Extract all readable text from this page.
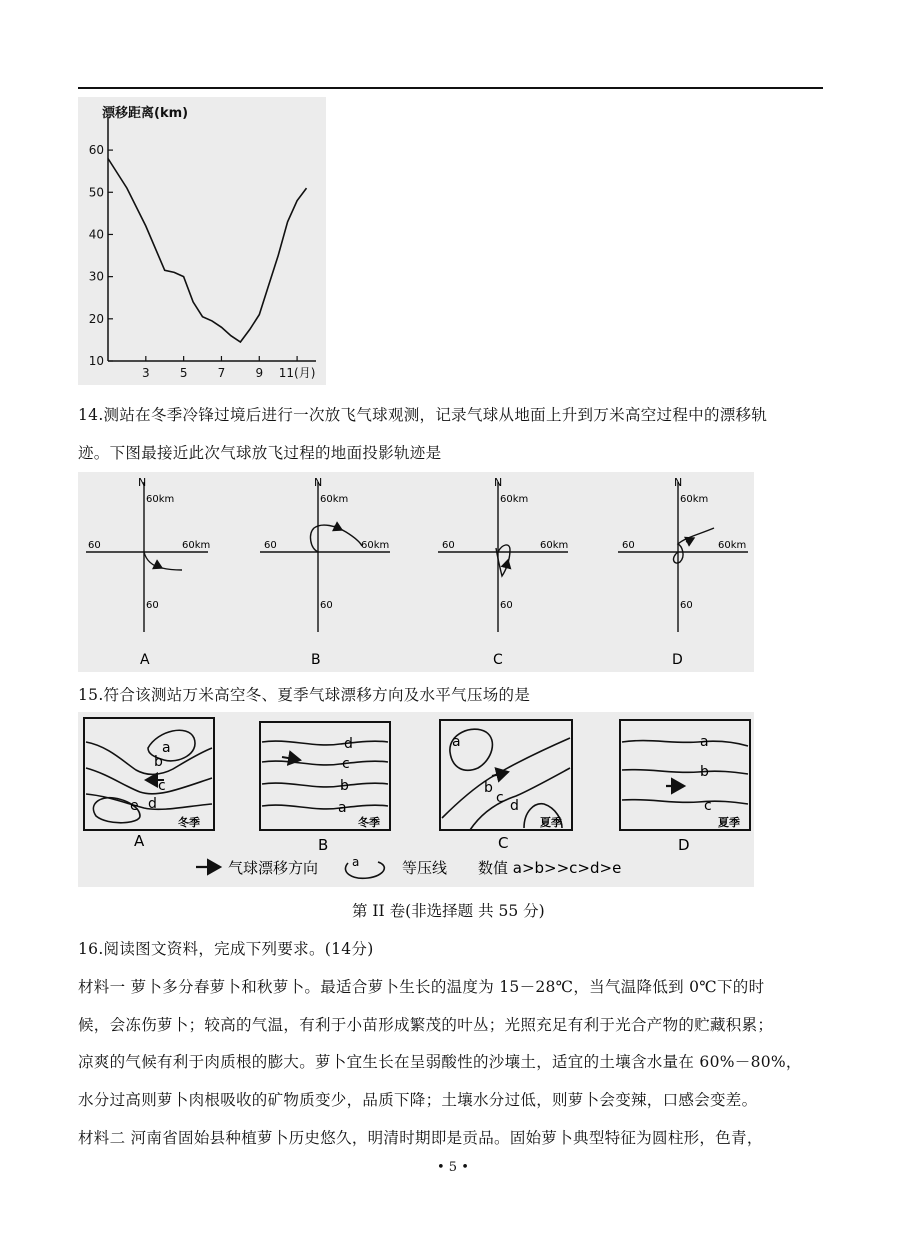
漂移距离(km)
10
20
30
40
50
60
3	5	7	9 11(月)
14.测站在冬季冷锋过境后进行一次放飞气球观测，记录气球从地面上升到万米高空过程中的漂移轨
迹。下图最接近此次气球放飞过程的地面投影轨迹是
N
60km
60km
60
60
A
N
60km
60km
60
60
B
N
60km
60km
60
60
C
N
60km
60km
60
60
D
15.符合该测站万米高空冬、夏季气球漂移方向及水平气压场的是
a
b
c
d
e
冬季
A
d
c
b
a
冬季
B
a
b
c d
夏季
C
a
b
c
夏季
D
气球漂移方向	a	等压线 数值 a>b>>c>d>e
第 II 卷(非选择题 共 55 分)
16.阅读图文资料，完成下列要求。(14分)
材料一 萝卜多分春萝卜和秋萝卜。最适合萝卜生长的温度为 15－28℃，当气温降低到 0℃下的时
候，会冻伤萝卜；较高的气温，有利于小苗形成繁茂的叶丛；光照充足有利于光合产物的贮藏积累；
凉爽的气候有利于肉质根的膨大。萝卜宜生长在呈弱酸性的沙壤土，适宜的土壤含水量在 60%－80%，
水分过高则萝卜肉根吸收的矿物质变少，品质下降；土壤水分过低，则萝卜会变辣，口感会变差。
材料二 河南省固始县种植萝卜历史悠久，明清时期即是贡品。固始萝卜典型特征为圆柱形，色青，
• 5 •
